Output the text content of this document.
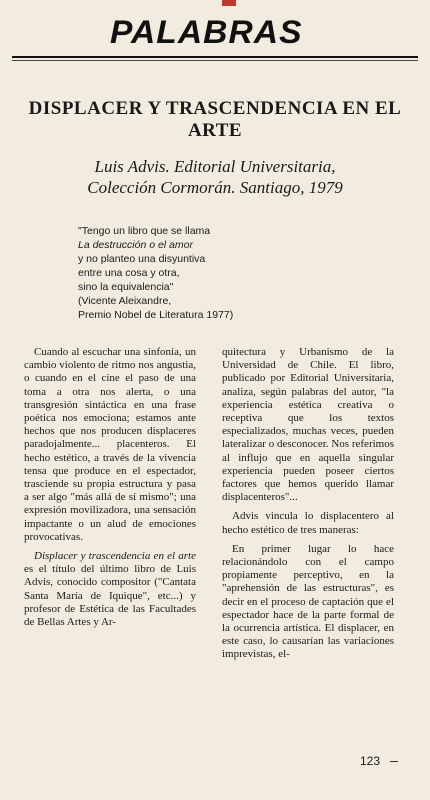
PALABRAS
DISPLACER Y TRASCENDENCIA EN EL ARTE
Luis Advis. Editorial Universitaria,
Colección Cormorán. Santiago, 1979
"Tengo un libro que se llama
La destrucción o el amor
y no planteo una disyuntiva
entre una cosa y otra,
sino la equivalencia"
(Vicente Aleixandre,
Premio Nobel de Literatura 1977)

Cuando al escuchar una sinfonía, un cambio violento de ritmo nos angustia, o cuando en el cine el paso de una toma a otra nos alerta, o una transgresión sintáctica en una frase poética nos emociona; estamos ante hechos que nos producen displaceres paradojalmente... placenteros. El hecho estético, a través de la vivencia tensa que produce en el espectador, trasciende su propia estructura y pasa a ser algo "más allá de sí mismo"; una expresión movilizadora, una sensación impactante o un alud de emociones provocativas.

Displacer y trascendencia en el arte es el título del último libro de Luis Advis, conocido compositor ("Cantata Santa María de Iquique", etc...) y profesor de Estética de las Facultades de Bellas Artes y Ar-

quitectura y Urbanismo de la Universidad de Chile. El libro, publicado por Editorial Universitaria, analiza, según palabras del autor, "la experiencia estética creativa o receptiva que los textos especializados, muchas veces, pueden lateralizar o desconocer. Nos referimos al influjo que en aquella singular experiencia pueden poseer ciertos factores que hemos querido llamar displacenteros"...

Advis vincula lo displacentero al hecho estético de tres maneras:

En primer lugar lo hace relacionándolo con el campo propiamente perceptivo, en la "aprehensión de las estructuras", es decir en el proceso de captación que el espectador hace de la parte formal de la ocurrencia artística. El displacer, en este caso, lo causarían las variaciones imprevistas, el-

123
